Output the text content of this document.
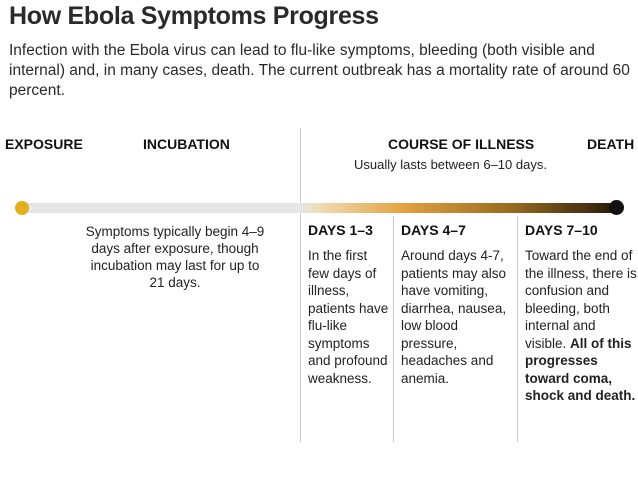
How Ebola Symptoms Progress
Infection with the Ebola virus can lead to flu-like symptoms, bleeding (both visible and internal) and, in many cases, death. The current outbreak has a mortality rate of around 60 percent.
EXPOSURE	INCUBATION	COURSE OF ILLNESS	DEATH
Usually lasts between 6–10 days.
Symptoms typically begin 4–9 days after exposure, though incubation may last for up to 21 days.
DAYS 1–3
In the first few days of illness, patients have flu-like symptoms and profound weakness.
DAYS 4–7
Around days 4-7, patients may also have vomiting, diarrhea, nausea, low blood pressure, headaches and anemia.
DAYS 7–10
Toward the end of the illness, there is confusion and bleeding, both internal and visible. All of this progresses toward coma, shock and death.
